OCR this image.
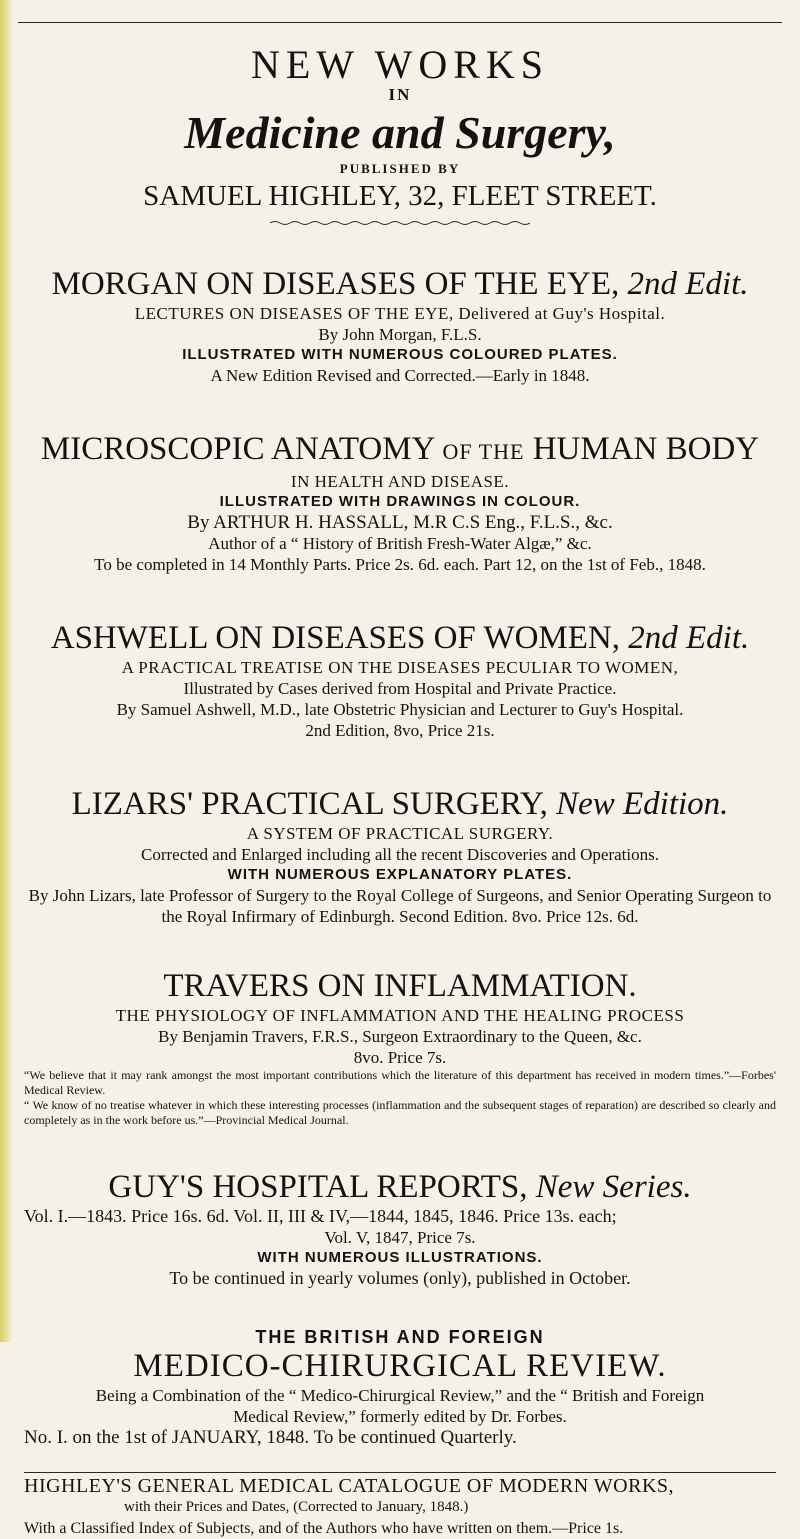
NEW WORKS
IN
Medicine and Surgery,
PUBLISHED BY
SAMUEL HIGHLEY, 32, FLEET STREET.
MORGAN ON DISEASES OF THE EYE, 2nd Edit.
LECTURES ON DISEASES OF THE EYE, Delivered at Guy's Hospital.
By John Morgan, F.L.S.
ILLUSTRATED WITH NUMEROUS COLOURED PLATES.
A New Edition Revised and Corrected.—Early in 1848.
MICROSCOPIC ANATOMY OF THE HUMAN BODY
IN HEALTH AND DISEASE.
ILLUSTRATED WITH DRAWINGS IN COLOUR.
By ARTHUR H. HASSALL, M.R C.S Eng., F.L.S., &c.
Author of a “ History of British Fresh-Water Algæ,” &c.
To be completed in 14 Monthly Parts. Price 2s. 6d. each. Part 12, on the 1st of Feb., 1848.
ASHWELL ON DISEASES OF WOMEN, 2nd Edit.
A PRACTICAL TREATISE ON THE DISEASES PECULIAR TO WOMEN,
Illustrated by Cases derived from Hospital and Private Practice.
By Samuel Ashwell, M.D., late Obstetric Physician and Lecturer to Guy's Hospital.
2nd Edition, 8vo, Price 21s.
LIZARS' PRACTICAL SURGERY, New Edition.
A SYSTEM OF PRACTICAL SURGERY.
Corrected and Enlarged including all the recent Discoveries and Operations.
WITH NUMEROUS EXPLANATORY PLATES.
By John Lizars, late Professor of Surgery to the Royal College of Surgeons, and Senior Operating Surgeon to the Royal Infirmary of Edinburgh. Second Edition. 8vo. Price 12s. 6d.
TRAVERS ON INFLAMMATION.
THE PHYSIOLOGY OF INFLAMMATION AND THE HEALING PROCESS
By Benjamin Travers, F.R.S., Surgeon Extraordinary to the Queen, &c.
8vo. Price 7s.
“We believe that it may rank amongst the most important contributions which the literature of this department has received in modern times.”—Forbes' Medical Review.
“ We know of no treatise whatever in which these interesting processes (inflammation and the subsequent stages of reparation) are described so clearly and completely as in the work before us.”—Provincial Medical Journal.
GUY'S HOSPITAL REPORTS, New Series.
Vol. I.—1843. Price 16s. 6d. Vol. II, III & IV,—1844, 1845, 1846. Price 13s. each;
Vol. V, 1847, Price 7s.
WITH NUMEROUS ILLUSTRATIONS.
To be continued in yearly volumes (only), published in October.
THE BRITISH AND FOREIGN
MEDICO-CHIRURGICAL REVIEW.
Being a Combination of the “ Medico-Chirurgical Review,” and the “ British and Foreign
Medical Review,” formerly edited by Dr. Forbes.
No. I. on the 1st of JANUARY, 1848. To be continued Quarterly.
HIGHLEY'S GENERAL MEDICAL CATALOGUE OF MODERN WORKS,
with their Prices and Dates, (Corrected to January, 1848.)
With a Classified Index of Subjects, and of the Authors who have written on them.—Price 1s.
